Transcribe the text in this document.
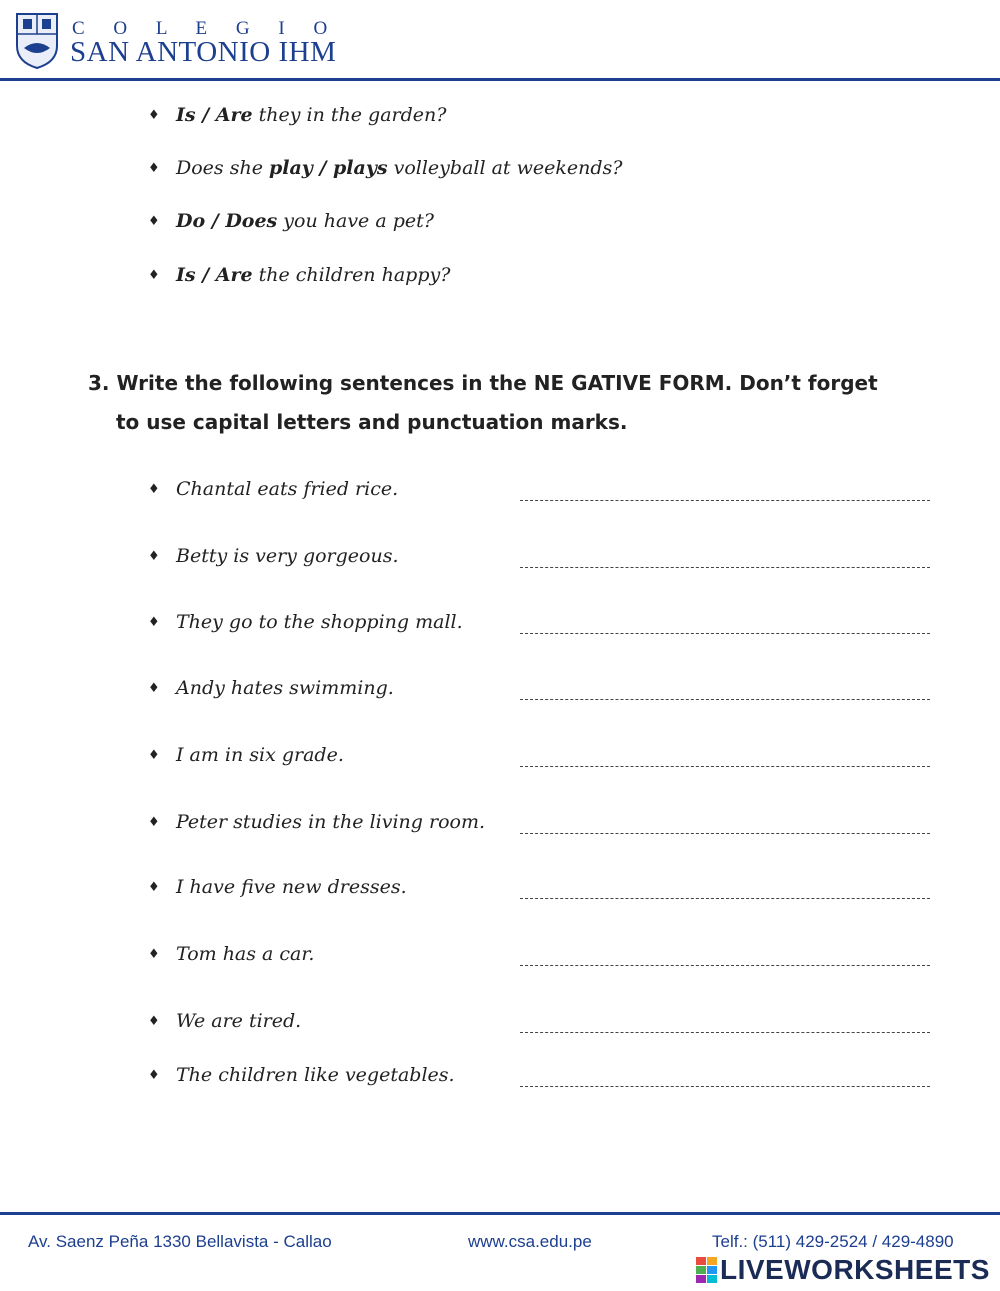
C O L E G I O
SAN ANTONIO IHM
♦ Is / Are they in the garden?
♦ Does she play / plays volleyball at weekends?
♦ Do / Does you have a pet?
♦ Is / Are the children happy?
3. Write the following sentences in the NE GATIVE FORM. Don’t forget
to use capital letters and punctuation marks.
♦ Chantal eats fried rice.
♦ Betty is very gorgeous.
♦ They go to the shopping mall.
♦ Andy hates swimming.
♦ I am in six grade.
♦ Peter studies in the living room.
♦ I have five new dresses.
♦ Tom has a car.
♦ We are tired.
♦ The children like vegetables.
Av. Saenz Peña 1330 Bellavista - Callao	www.csa.edu.pe	Telf.: (511) 429-2524 / 429-4890
LIVEWORKSHEETS
